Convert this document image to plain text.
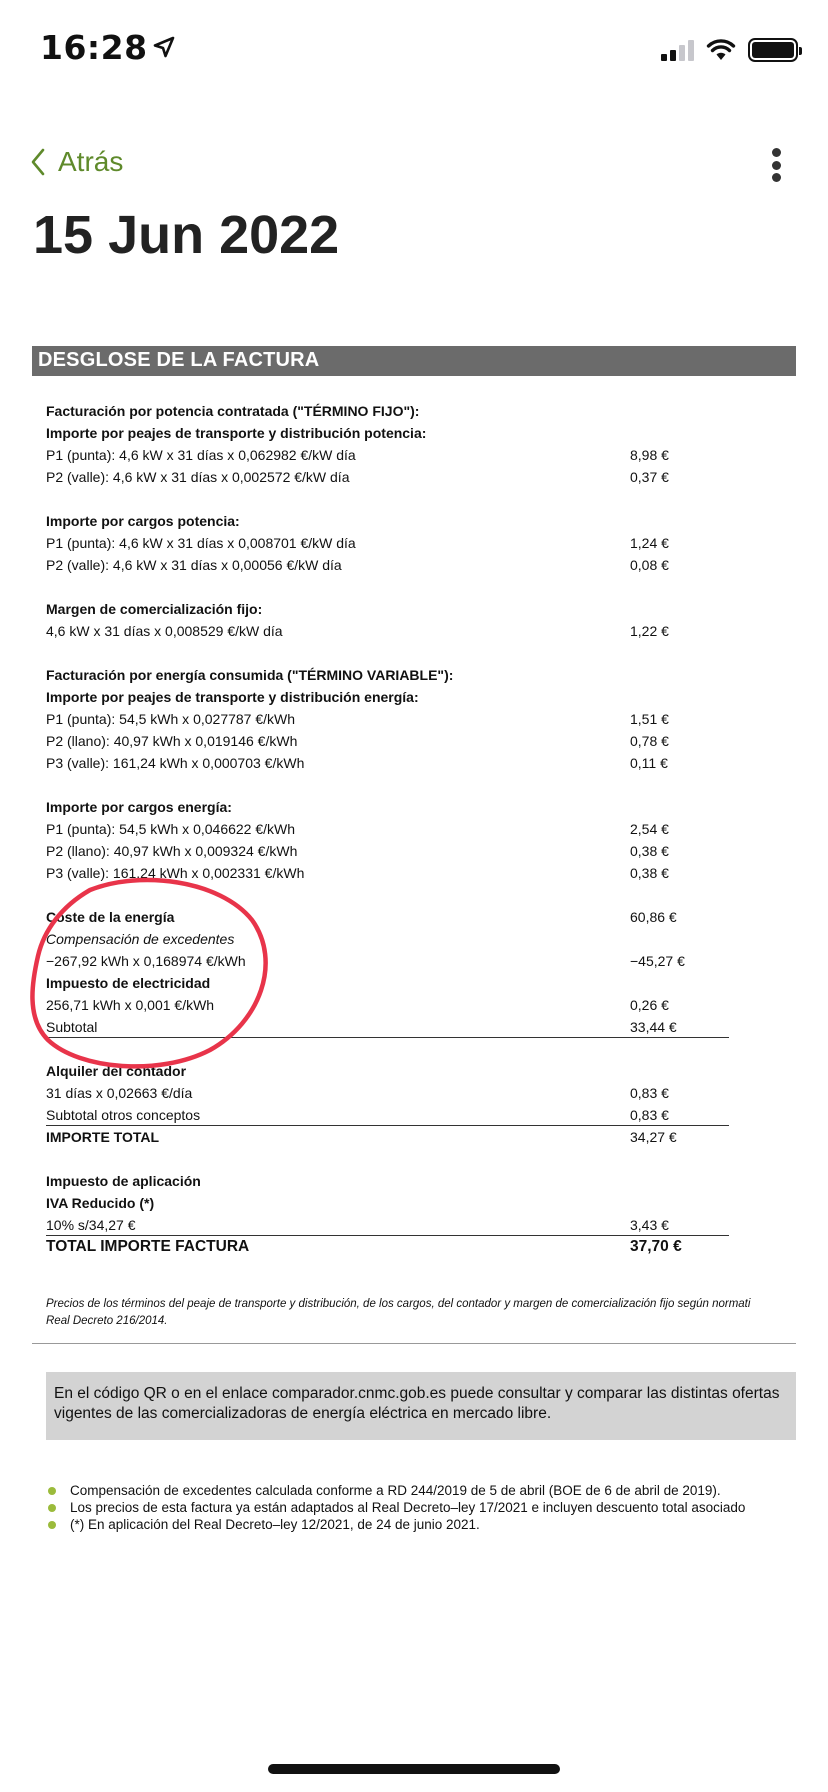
16:28
Atrás
15 Jun 2022
DESGLOSE DE LA FACTURA
Facturación por potencia contratada ("TÉRMINO FIJO"):
Importe por peajes de transporte y distribución potencia:
P1 (punta): 4,6 kW x 31 días x 0,062982 €/kW día	8,98 €
P2 (valle): 4,6 kW x 31 días x 0,002572 €/kW día	0,37 €
Importe por cargos potencia:
P1 (punta): 4,6 kW x 31 días x 0,008701 €/kW día	1,24 €
P2 (valle): 4,6 kW x 31 días x 0,00056 €/kW día	0,08 €
Margen de comercialización fijo:
4,6 kW x 31 días x 0,008529 €/kW día	1,22 €
Facturación por energía consumida ("TÉRMINO VARIABLE"):
Importe por peajes de transporte y distribución energía:
P1 (punta): 54,5 kWh x 0,027787 €/kWh	1,51 €
P2 (llano): 40,97 kWh x 0,019146 €/kWh	0,78 €
P3 (valle): 161,24 kWh x 0,000703 €/kWh	0,11 €
Importe por cargos energía:
P1 (punta): 54,5 kWh x 0,046622 €/kWh	2,54 €
P2 (llano): 40,97 kWh x 0,009324 €/kWh	0,38 €
P3 (valle): 161,24 kWh x 0,002331 €/kWh	0,38 €
Coste de la energía	60,86 €
Compensación de excedentes
−267,92 kWh x 0,168974 €/kWh	−45,27 €
Impuesto de electricidad
256,71 kWh x 0,001 €/kWh	0,26 €
Subtotal	33,44 €
Alquiler del contador
31 días x 0,02663 €/día	0,83 €
Subtotal otros conceptos	0,83 €
IMPORTE TOTAL	34,27 €
Impuesto de aplicación
IVA Reducido (*)
10% s/34,27 €	3,43 €
TOTAL IMPORTE FACTURA	37,70 €
Precios de los términos del peaje de transporte y distribución, de los cargos, del contador y margen de comercialización fijo según normati
Real Decreto 216/2014.
En el código QR o en el enlace comparador.cnmc.gob.es puede consultar y comparar las distintas ofertas vigentes de las comercializadoras de energía eléctrica en mercado libre.
Compensación de excedentes calculada conforme a RD 244/2019 de 5 de abril (BOE de 6 de abril de 2019).
Los precios de esta factura ya están adaptados al Real Decreto–ley 17/2021 e incluyen descuento total asociado
(*) En aplicación del Real Decreto–ley 12/2021, de 24 de junio 2021.
